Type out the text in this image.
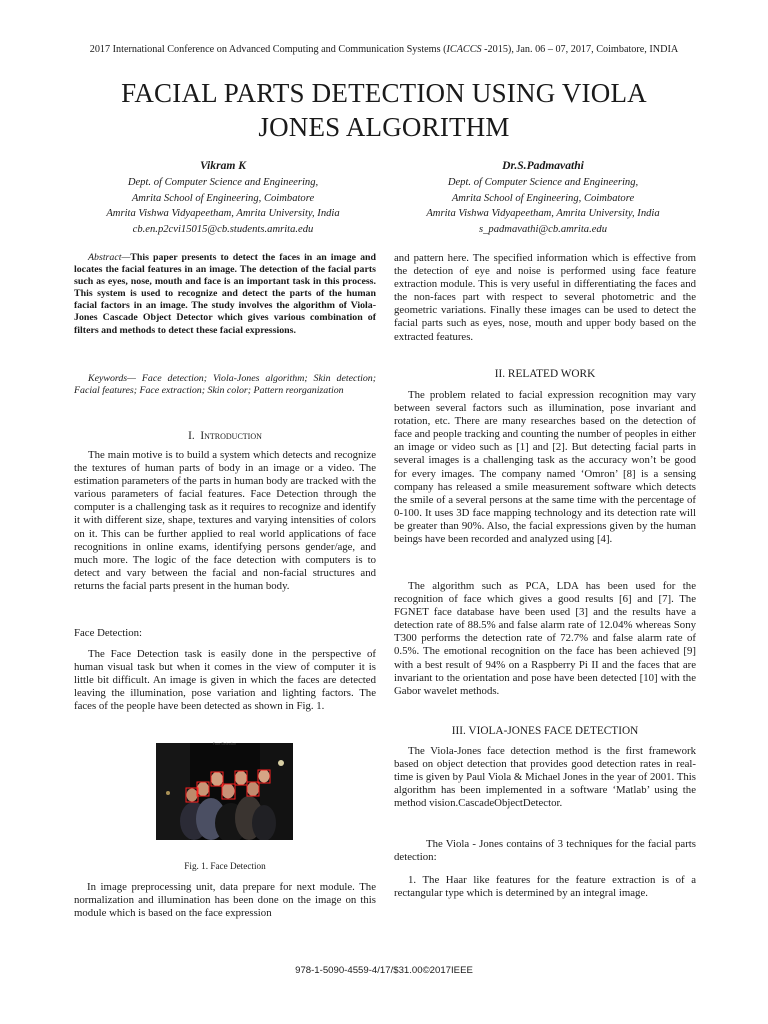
2017 International Conference on Advanced Computing and Communication Systems (ICACCS -2015), Jan. 06 – 07, 2017, Coimbatore, INDIA
FACIAL PARTS DETECTION USING VIOLA
JONES ALGORITHM
Vikram K
Dept. of Computer Science and Engineering,
Amrita School of Engineering, Coimbatore
Amrita Vishwa Vidyapeetham, Amrita University, India
cb.en.p2cvi15015@cb.students.amrita.edu
Dr.S.Padmavathi
Dept. of Computer Science and Engineering,
Amrita School of Engineering, Coimbatore
Amrita Vishwa Vidyapeetham, Amrita University, India
s_padmavathi@cb.amrita.edu

Abstract—This paper presents to detect the faces in an image and locates the facial features in an image. The detection of the facial parts such as eyes, nose, mouth and face is an important task in this process. This system is used to recognize and detect the parts of the human facial factors in an image. The study involves the algorithm of Viola-Jones Cascade Object Detector which gives various combination of filters and methods to detect these facial expressions.

Keywords— Face detection; Viola-Jones algorithm; Skin detection; Facial features; Face extraction; Skin color; Pattern reorganization

I. Introduction

The main motive is to build a system which detects and recognize the textures of human parts of body in an image or a video. The estimation parameters of the parts in human body are tracked with the various parameters of facial features. Face Detection through the computer is a challenging task as it requires to recognize and identify it with different size, shape, textures and varying intensities of colors on it. This can be further applied to real world applications of face recognitions in online exams, identifying persons gender/age, and much more. The logic of the face detection with computers is to detect and vary between the facial and non-facial structures and returns the facial parts present in the human body.

Face Detection:

The Face Detection task is easily done in the perspective of human visual task but when it comes in the view of computer it is little bit difficult. An image is given in which the faces are detected leaving the illumination, pose variation and lighting factors. The faces of the people have been detected as shown in Fig. 1.

Face Detection
Fig. 1. Face Detection

In image preprocessing unit, data prepare for next module. The normalization and illumination has been done on the image on this module which is based on the face expression

and pattern here. The specified information which is effective from the detection of eye and noise is performed using face feature extraction module. This is very useful in differentiating the faces and the non-faces part with respect to several photometric and the geometric variations. Finally these images can be used to detect the facial parts such as eyes, nose, mouth and upper body based on the extracted features.

II. RELATED WORK

The problem related to facial expression recognition may vary between several factors such as illumination, pose invariant and rotation, etc. There are many researches based on the detection of face and people tracking and counting the number of peoples in either an image or video such as [1] and [2]. But detecting facial parts in several images is a challenging task as the accuracy won’t be good for every images. The company named ‘Omron’ [8] is a sensing company has released a smile measurement software which detects the smile of a several persons at the same time with the percentage of 0-100. It uses 3D face mapping technology and its detection rate will be greater than 90%. Also, the facial expressions given by the human beings have been recorded and analyzed using [4].

The algorithm such as PCA, LDA has been used for the recognition of face which gives a good results [6] and [7]. The FGNET face database have been used [3] and the results have a detection rate of 88.5% and false alarm rate of 12.04% whereas Sony T300 performs the detection rate of 72.7% and false alarm rate of 0.5%. The emotional recognition on the face has been achieved [9] with a best result of 94% on a Raspberry Pi II and the faces that are invariant to the orientation and pose have been detected [10] with the Gabor wavelet methods.

III. VIOLA-JONES FACE DETECTION

The Viola-Jones face detection method is the first framework based on object detection that provides good detection rates in real-time is given by Paul Viola & Michael Jones in the year of 2001. This algorithm has been implemented in a software ‘Matlab’ using the method vision.CascadeObjectDetector.

The Viola - Jones contains of 3 techniques for the facial parts detection:

1. The Haar like features for the feature extraction is of a rectangular type which is determined by an integral image.

978-1-5090-4559-4/17/$31.00©2017IEEE
